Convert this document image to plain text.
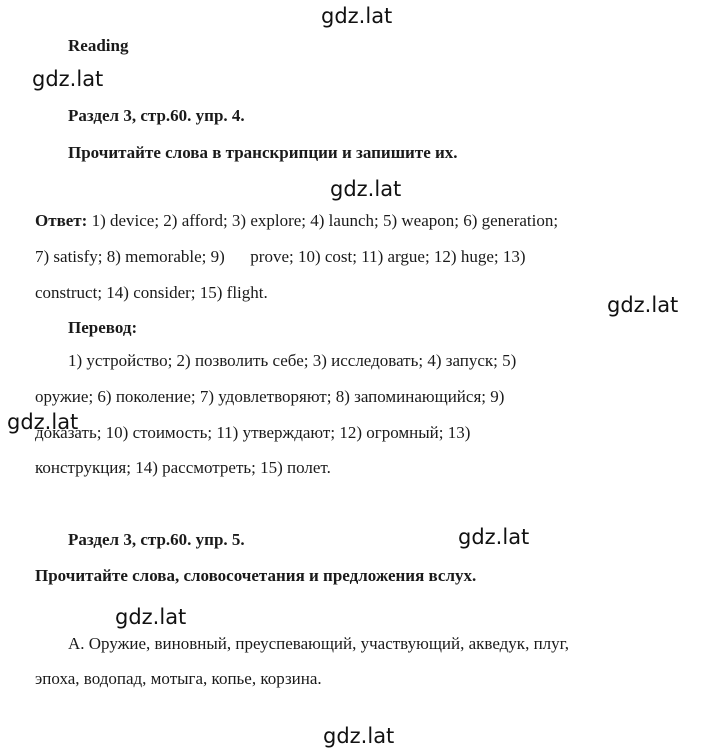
gdz.lat
gdz.lat
gdz.lat
gdz.lat
gdz.lat
gdz.lat
gdz.lat
gdz.lat
Reading
Раздел 3, стр.60. упр. 4.
Прочитайте слова в транскрипции и запишите их.
Ответ: 1) device; 2) afford; 3) explore; 4) launch; 5) weapon; 6) generation;
7) satisfy; 8) memorable; 9)      prove; 10) cost; 11) argue; 12) huge; 13)
construct; 14) consider; 15) flight.
Перевод:
1) устройство; 2) позволить себе; 3) исследовать; 4) запуск; 5)
оружие; 6) поколение; 7) удовлетворяют; 8) запоминающийся; 9)
доказать; 10) стоимость; 11) утверждают; 12) огромный; 13)
конструкция; 14) рассмотреть; 15) полет.
Раздел 3, стр.60. упр. 5.
Прочитайте слова, словосочетания и предложения вслух.
A. Оружие, виновный, преуспевающий, участвующий, акведук, плуг,
эпоха, водопад, мотыга, копье, корзина.
